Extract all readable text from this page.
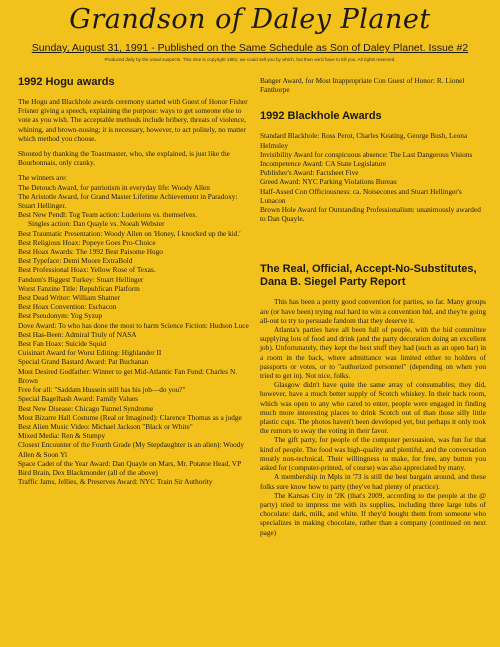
Grandson of Daley Planet
Sunday, August 31, 1991 - Published on the Same Schedule as Son of Daley Planet. Issue #2
Produced daily by the usual suspects. This zine is copyright 1991; we could sell you by which, but then we'd have to kill you. All rights reserved.
1992 Hogu awards

The Hogu and Blackhole awards ceremony started with Guest of Honor Fisher Frisner giving a speech, explaining the purpose: ways to get someone else to vote as you wish. The acceptable methods include bribery, threats of violence, whining, and brown-nosing; it is necessary, however, to act politely, no matter which method you choose.

Shouted by thanking the Toastmaster, who, she explained, is just like the Bourbonnais, only cranky.

The winners are:
The Detouch Award, for patriotism in everyday life: Woody Allen
The Aristotle Award, for Grand Master Lifetime Achievement in Paradoxy: Stuart Hellinger.
Best New Pendl: Tog Team action: Luderions vs. themselves.
Singles action: Dan Quayle vs. Noeah Webster
Best Traumatic Presentation: Woody Allen on 'Honey, I knocked up the kid.'
Best Religious Hoax: Popeye Goes Pro-Choice
Best Hoax Awards: The 1992 Best Paisome Hugo
Best Typeface: Demi Moore ExtraBold
Best Professional Hoax: Yellow Rose of Texas.
Fandom's Biggest Turkey: Stuart Hellinger
Worst Fanzine Title: Republican Platform
Best Dead Writer: William Shatner
Best Hoax Convention: Eschacon
Best Pseudonym: Yog Syzup
Dove Award: To who has done the most to harm Science Fiction: Hudson Luce
Best Has-Been: Admiral Truly of NASA
Best Fan Hoax: Suicide Squid
Cuisinart Award for Worst Editing: Highlander II
Special Grand Bastard Award: Pat Buchanan
Most Desired Godfather: Winner to get Mid-Atlantic Fan Fund: Charles N. Brown
Free for all: "Saddam Hussein still has his job—do you?"
Special Bagelhash Award: Family Values
Best New Disease: Chicago Tunnel Syndrome
Most Bizarre Hall Costume (Real or Imagined): Clarence Thomas as a judge
Best Alien Music Video: Michael Jackson "Black or White"
Mixed Media: Ren & Stumpy
Closest Encounter of the Fourth Grade (My Stepdaughter is an alien): Woody Allen & Soon Yi
Space Cadet of the Year Award: Dan Quayle on Mars, Mr. Potatoe Head, VP Bird Brain, Dex Blackmonder (all of the above)
Traffic Jams, Jellies, & Preserves Award: NYC Train Sir Authority
Banger Award, for Most Inappropriate Con Guest of Honor: R. Lionel Fanthorpe
1992 Blackhole Awards
Standard Blackhole: Ross Perot, Charles Keating, George Bush, Leona Helmsley
Invisibility Award for conspicuous absence: The Last Dangerous Visions
Incompetence Award: CA State Legislature
Publisher's Award: Factsheet Five
Greed Award: NYC Parking Violations Bureau
Half-Assed Con Officiousness: ca. Noisecones and Stuart Hellinger's Lunacon
Brown Hole Award for Outstanding Professionalism: unanimously awarded to Dan Quayle.
The Real, Official, Accept-No-Substitutes, Dana B. Siegel Party Report

This has been a pretty good convention for parties, so far. Many groups are (or have been) trying real hard to win a convention bid, and they're going all-out to try to persuade fandom that they deserve it.

Atlanta's parties have all been full of people, with the bid committee supplying lots of food and drink (and the party decoration doing an excellent job). Unfortunately, they kept the best stuff they had (such as an open bar) in a room in the back, where admittance was limited either to holders of passports or votes, or to "authorized personnel" (depending on when you tried to get in). Not nice, folks.

Glasgow didn't have quite the same array of consumables; they did, however, have a much better supply of Scotch whiskey. In their back room, which was open to any who cared to enter, people were engaged in finding much more interesting places to drink Scotch out of than those silly little plastic cups. The photos haven't been developed yet, but perhaps it only took the rumors to sway the voting in their favor.

The gift party, for people of the computer persuasion, was fun for that kind of people. The food was high-quality and plentiful, and the conversation mostly non-technical. Their willingness to make, for free, any button you asked for (computer-printed, of course) was also appreciated by many.

A membership in Mpls in '73 is still the best bargain around, and these folks sure know how to party (they've had plenty of practice).

The Kansas City in '2K (that's 2009, according to the people at the @ party) tried to impress me with its supplies, including three large tubs of chocolate: dark, milk, and white. If they'd bought them from someone who specializes in making chocolate, rather than a company (continued on next page)
